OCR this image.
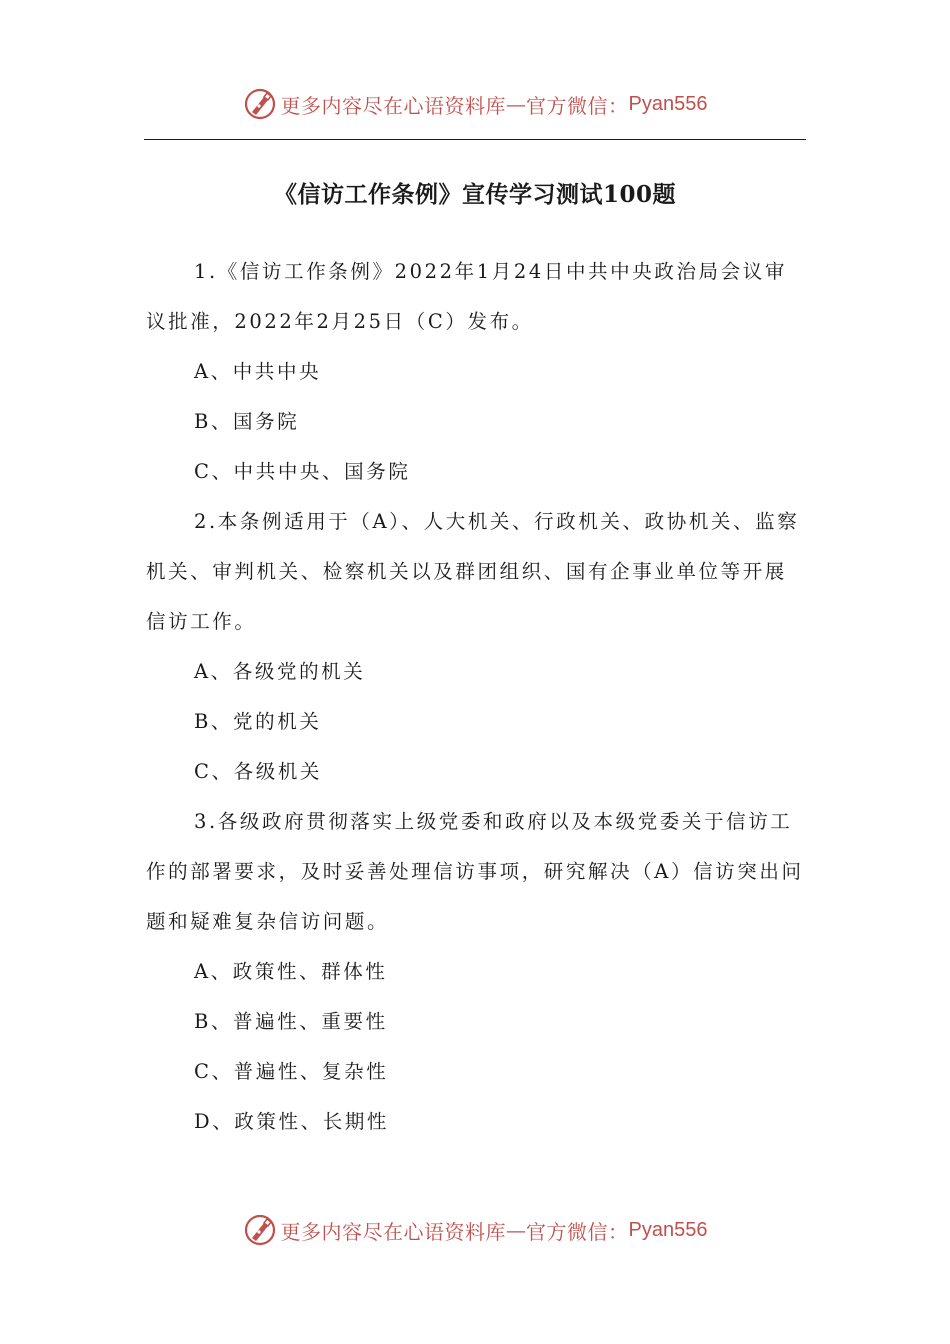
更多内容尽在心语资料库 — 官方微信： Pyan556
《信访工作条例》宣传学习测试100题

1.《信访工作条例》2022年1月24日中共中央政治局会议审议批准，2022年2月25日（C）发布。

A、中共中央

B、国务院

C、中共中央、国务院

2.本条例适用于（A）、人大机关、行政机关、政协机关、监察机关、审判机关、检察机关以及群团组织、国有企事业单位等开展信访工作。

A、各级党的机关

B、党的机关

C、各级机关

3.各级政府贯彻落实上级党委和政府以及本级党委关于信访工作的部署要求，及时妥善处理信访事项，研究解决（A）信访突出问题和疑难复杂信访问题。

A、政策性、群体性

B、普遍性、重要性

C、普遍性、复杂性

D、政策性、长期性

更多内容尽在心语资料库 — 官方微信： Pyan556
